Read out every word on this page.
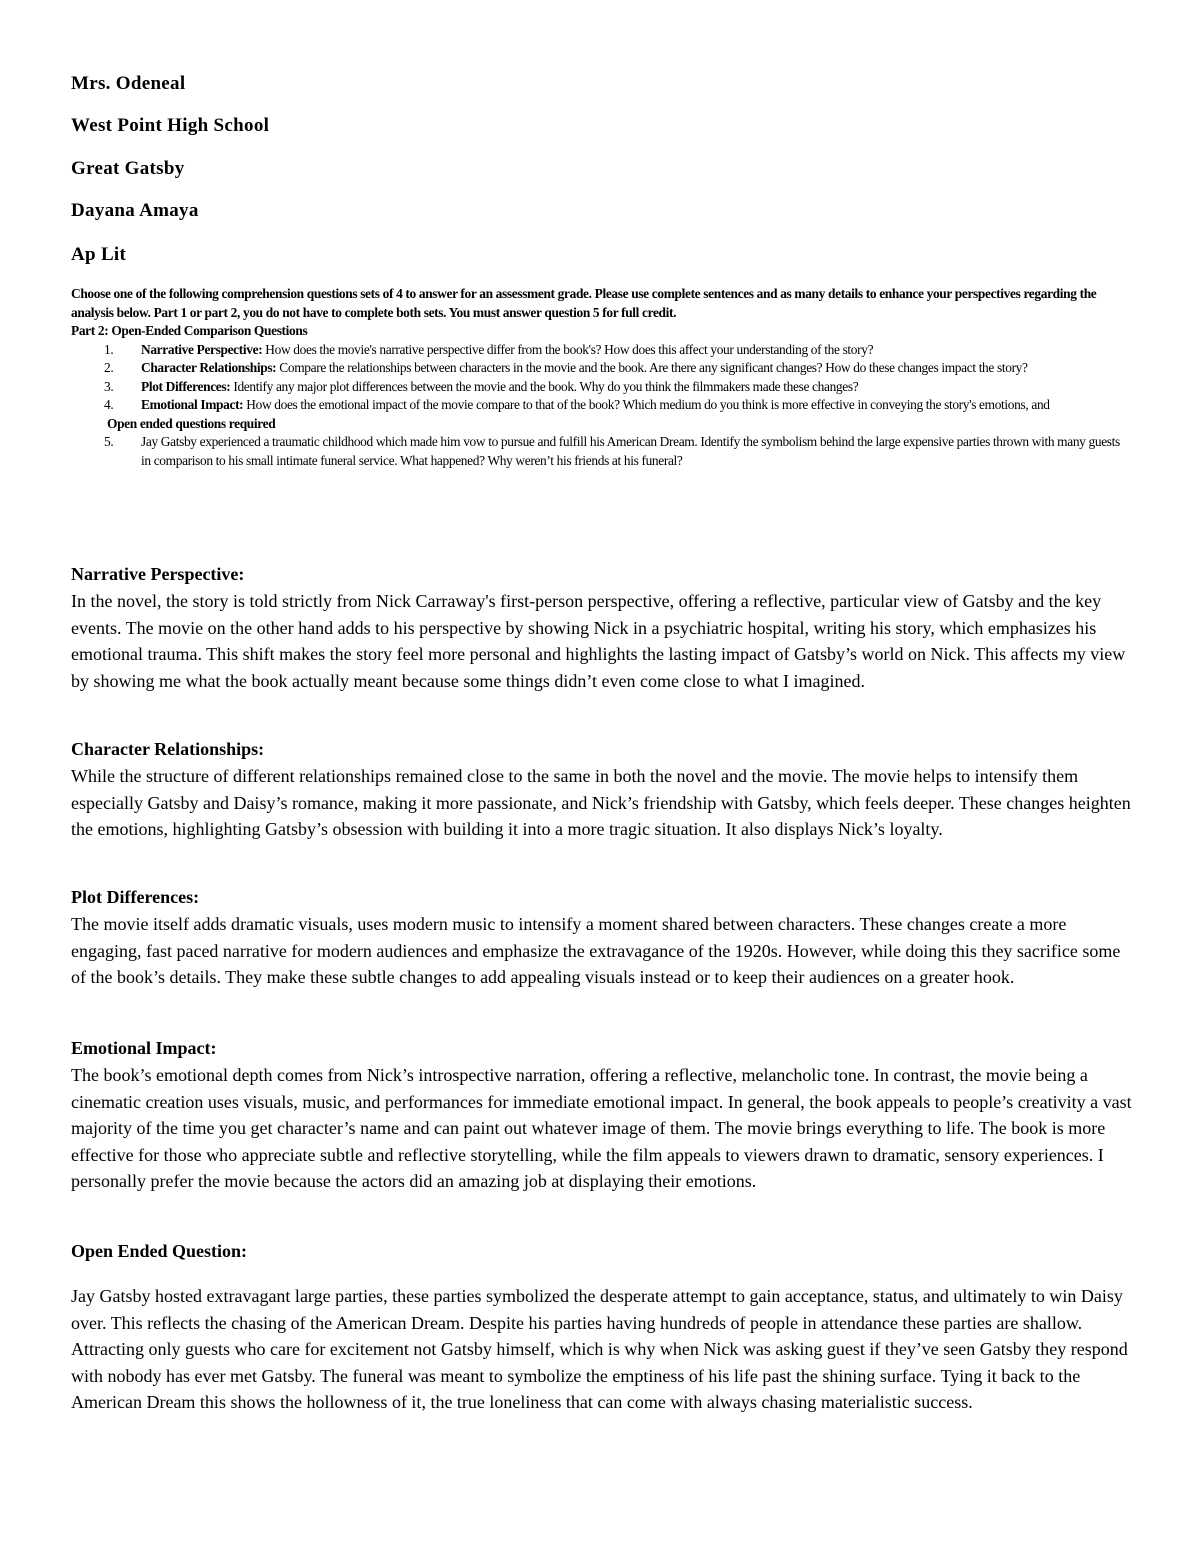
Mrs. Odeneal

West Point High School

Great Gatsby

Dayana Amaya

Ap Lit

Choose one of the following comprehension questions sets of 4 to answer for an assessment grade. Please use complete sentences and as many details to enhance your perspectives regarding the analysis below. Part 1 or part 2, you do not have to complete both sets. You must answer question 5 for full credit.

Part 2: Open-Ended Comparison Questions

1. Narrative Perspective: How does the movie's narrative perspective differ from the book's? How does this affect your understanding of the story?
2. Character Relationships: Compare the relationships between characters in the movie and the book. Are there any significant changes? How do these changes impact the story?
3. Plot Differences: Identify any major plot differences between the movie and the book. Why do you think the filmmakers made these changes?
4. Emotional Impact: How does the emotional impact of the movie compare to that of the book? Which medium do you think is more effective in conveying the story's emotions, and
Open ended questions required
5. Jay Gatsby experienced a traumatic childhood which made him vow to pursue and fulfill his American Dream. Identify the symbolism behind the large expensive parties thrown with many guests in comparison to his small intimate funeral service. What happened? Why weren’t his friends at his funeral?
Narrative Perspective:

In the novel, the story is told strictly from Nick Carraway's first-person perspective, offering a reflective, particular view of Gatsby and the key events. The movie on the other hand adds to his perspective by showing Nick in a psychiatric hospital, writing his story, which emphasizes his emotional trauma. This shift makes the story feel more personal and highlights the lasting impact of Gatsby’s world on Nick. This affects my view by showing me what the book actually meant because some things didn’t even come close to what I imagined.

Character Relationships:

While the structure of different relationships remained close to the same in both the novel and the movie. The movie helps to intensify them especially Gatsby and Daisy’s romance, making it more passionate, and Nick’s friendship with Gatsby, which feels deeper. These changes heighten the emotions, highlighting Gatsby’s obsession with building it into a more tragic situation. It also displays Nick’s loyalty.

Plot Differences:

The movie itself adds dramatic visuals, uses modern music to intensify a moment shared between characters. These changes create a more engaging, fast paced narrative for modern audiences and emphasize the extravagance of the 1920s. However, while doing this they sacrifice some of the book’s details. They make these subtle changes to add appealing visuals instead or to keep their audiences on a greater hook.

Emotional Impact:

The book’s emotional depth comes from Nick’s introspective narration, offering a reflective, melancholic tone. In contrast, the movie being a cinematic creation uses visuals, music, and performances for immediate emotional impact. In general, the book appeals to people’s creativity a vast majority of the time you get character’s name and can paint out whatever image of them. The movie brings everything to life. The book is more effective for those who appreciate subtle and reflective storytelling, while the film appeals to viewers drawn to dramatic, sensory experiences. I personally prefer the movie because the actors did an amazing job at displaying their emotions.

Open Ended Question:

Jay Gatsby hosted extravagant large parties, these parties symbolized the desperate attempt to gain acceptance, status, and ultimately to win Daisy over. This reflects the chasing of the American Dream. Despite his parties having hundreds of people in attendance these parties are shallow. Attracting only guests who care for excitement not Gatsby himself, which is why when Nick was asking guest if they’ve seen Gatsby they respond with nobody has ever met Gatsby. The funeral was meant to symbolize the emptiness of his life past the shining surface. Tying it back to the American Dream this shows the hollowness of it, the true loneliness that can come with always chasing materialistic success.
